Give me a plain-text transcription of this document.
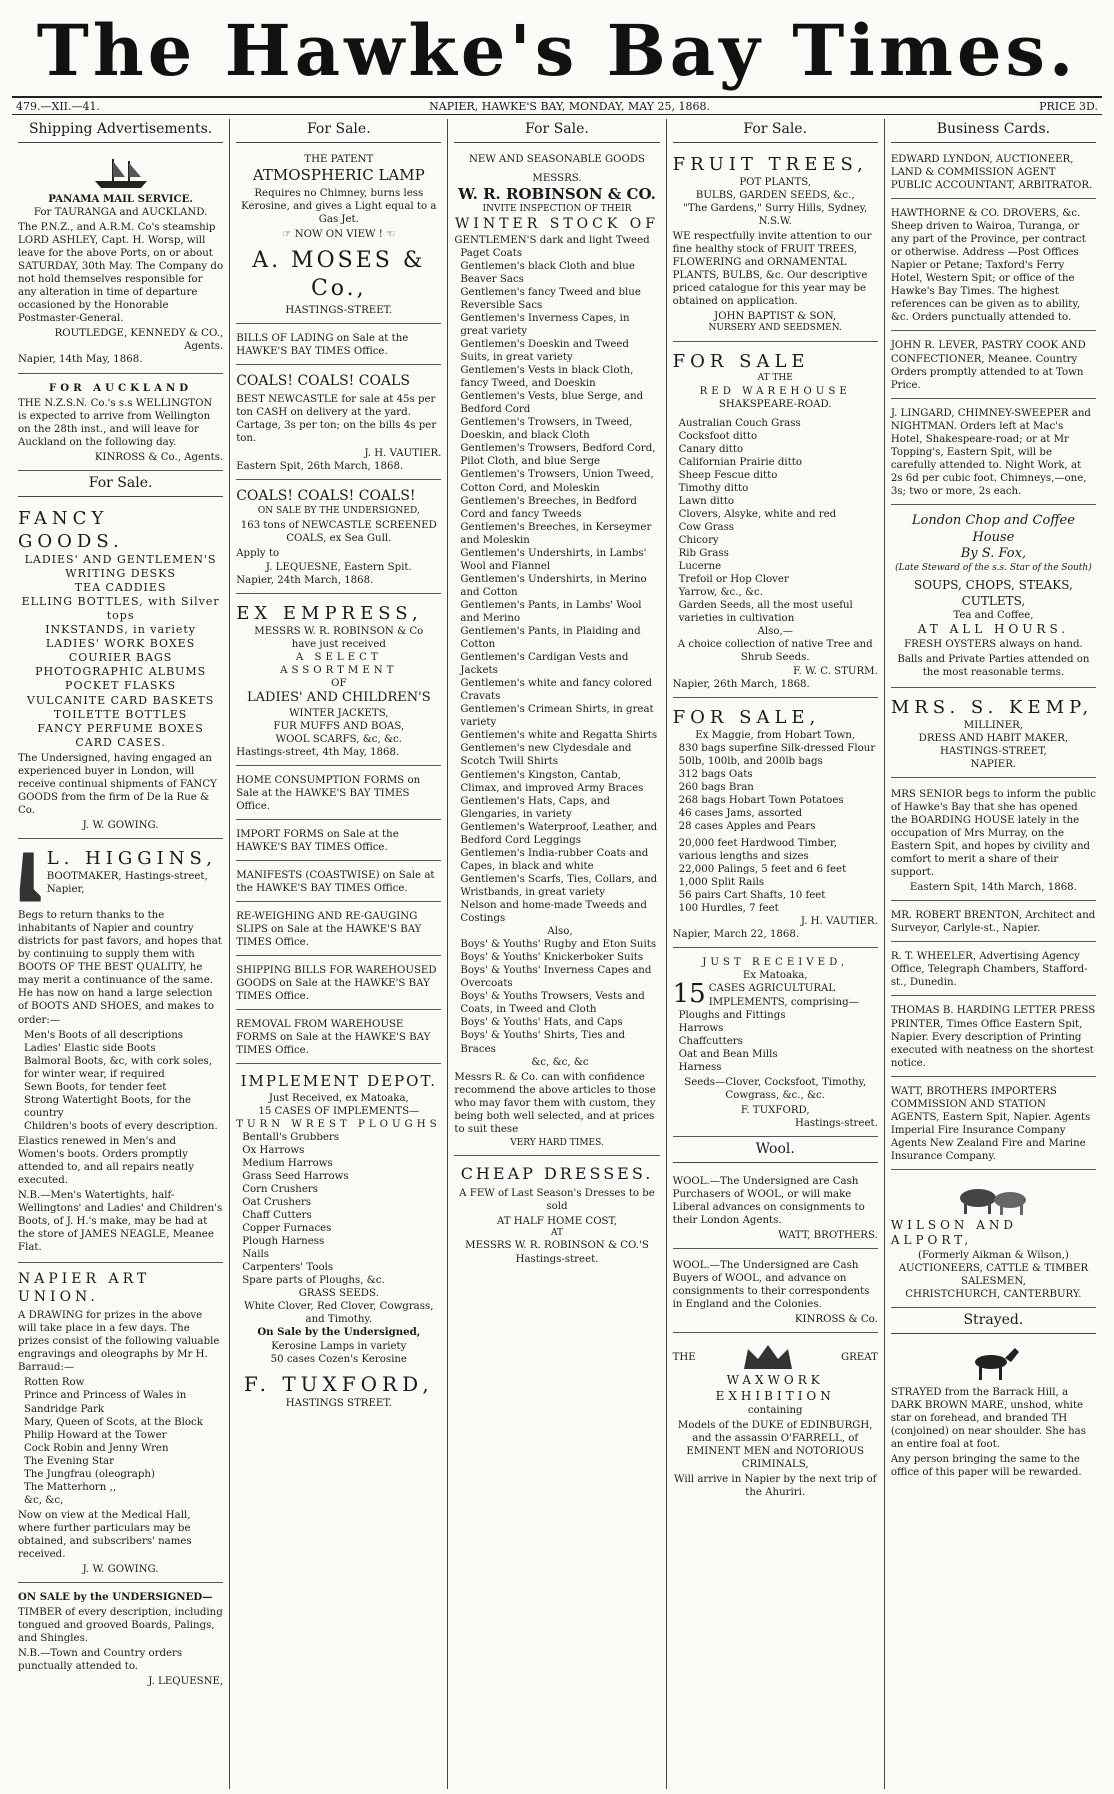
The Hawke's Bay Times.
479.—XII.—41.	NAPIER, HAWKE'S BAY, MONDAY, MAY 25, 1868.	PRICE 3D.
Shipping Advertisements.
PANAMA MAIL SERVICE.
For TAURANGA and AUCKLAND.

The P.N.Z., and A.R.M. Co's steamship LORD ASHLEY, Capt. H. Worsp, will leave for the above Ports, on or about SATURDAY, 30th May. The Company do not hold themselves responsible for any alteration in time of departure occasioned by the Honorable Postmaster-General.

ROUTLEDGE, KENNEDY & CO., Agents.
Napier, 14th May, 1868.
FOR AUCKLAND

THE N.Z.S.N. Co.'s s.s WELLINGTON is expected to arrive from Wellington on the 28th inst., and will leave for Auckland on the following day.

KINROSS & Co., Agents.
For Sale.
FANCY GOODS.
LADIES' AND GENTLEMEN'S
WRITING DESKS
TEA CADDIES
ELLING BOTTLES, with Silver tops
INKSTANDS, in variety
LADIES' WORK BOXES
COURIER BAGS
PHOTOGRAPHIC ALBUMS
POCKET FLASKS
VULCANITE CARD BASKETS
TOILETTE BOTTLES
FANCY PERFUME BOXES
CARD CASES.

The Undersigned, having engaged an experienced buyer in London, will receive continual shipments of FANCY GOODS from the firm of De la Rue & Co.

J. W. GOWING.
L. HIGGINS,
BOOTMAKER, Hastings-street, Napier,

Begs to return thanks to the inhabitants of Napier and country districts for past favors, and hopes that by continuing to supply them with BOOTS OF THE BEST QUALITY, he may merit a continuance of the same. He has now on hand a large selection of BOOTS AND SHOES, and makes to order:—

Men's Boots of all descriptions
Ladies' Elastic side Boots
Balmoral Boots, &c, with cork soles, for winter wear, if required
Sewn Boots, for tender feet
Strong Watertight Boots, for the country
Children's boots of every description.

Elastics renewed in Men's and Women's boots. Orders promptly attended to, and all repairs neatly executed.

N.B.—Men's Watertights, half-Wellingtons' and Ladies' and Children's Boots, of J. H.'s make, may be had at the store of JAMES NEAGLE, Meanee Flat.

NAPIER ART UNION.

A DRAWING for prizes in the above will take place in a few days. The prizes consist of the following valuable engravings and oleographs by Mr H. Barraud:—

Rotten Row
Prince and Princess of Wales in Sandridge Park
Mary, Queen of Scots, at the Block
Philip Howard at the Tower
Cock Robin and Jenny Wren
The Evening Star
The Jungfrau (oleograph)
The Matterhorn ,,
&c, &c,

Now on view at the Medical Hall, where further particulars may be obtained, and subscribers' names received.

J. W. GOWING.
ON SALE by the UNDERSIGNED—

TIMBER of every description, including tongued and grooved Boards, Palings, and Shingles.

N.B.—Town and Country orders punctually attended to.

J. LEQUESNE,
For Sale.
THE PATENT
ATMOSPHERIC LAMP

Requires no Chimney, burns less Kerosine, and gives a Light equal to a Gas Jet.

☞ NOW ON VIEW ! ☜
A. MOSES & Co.,
HASTINGS-STREET.
BILLS OF LADING on Sale at the HAWKE'S BAY TIMES Office.
COALS! COALS! COALS

BEST NEWCASTLE for sale at 45s per ton CASH on delivery at the yard. Cartage, 3s per ton; on the bills 4s per ton.

J. H. VAUTIER.
Eastern Spit, 26th March, 1868.
COALS! COALS! COALS!
ON SALE BY THE UNDERSIGNED,

163 tons of NEWCASTLE SCREENED COALS, ex Sea Gull.

Apply to
J. LEQUESNE, Eastern Spit.
Napier, 24th March, 1868.
EX EMPRESS,
MESSRS W. R. ROBINSON & Co
have just received
A SELECT ASSORTMENT
OF
LADIES' AND CHILDREN'S
WINTER JACKETS,
FUR MUFFS AND BOAS,
WOOL SCARFS, &c, &c.
Hastings-street, 4th May, 1868.
HOME CONSUMPTION FORMS on Sale at the HAWKE'S BAY TIMES Office.
IMPORT FORMS on Sale at the HAWKE'S BAY TIMES Office.
MANIFESTS (COASTWISE) on Sale at the HAWKE'S BAY TIMES Office.
RE-WEIGHING AND RE-GAUGING SLIPS on Sale at the HAWKE'S BAY TIMES Office.
SHIPPING BILLS FOR WAREHOUSED GOODS on Sale at the HAWKE'S BAY TIMES Office.
REMOVAL FROM WAREHOUSE FORMS on Sale at the HAWKE'S BAY TIMES Office.
IMPLEMENT DEPOT.
Just Received, ex Matoaka,
15 CASES OF IMPLEMENTS—
TURN WREST PLOUGHS
Bentall's Grubbers
Ox Harrows
Medium Harrows
Grass Seed Harrows
Corn Crushers
Oat Crushers
Chaff Cutters
Copper Furnaces
Plough Harness
Nails
Carpenters' Tools
Spare parts of Ploughs, &c.
GRASS SEEDS.
White Clover, Red Clover, Cowgrass, and Timothy.
On Sale by the Undersigned,
Kerosine Lamps in variety
50 cases Cozen's Kerosine
F. TUXFORD,
HASTINGS STREET.
For Sale.
NEW AND SEASONABLE GOODS
MESSRS.
W. R. ROBINSON & CO.
INVITE INSPECTION OF THEIR
WINTER STOCK OF
GENTLEMEN'S dark and light Tweed
Paget Coats
Gentlemen's black Cloth and blue Beaver Sacs
Gentlemen's fancy Tweed and blue Reversible Sacs
Gentlemen's Inverness Capes, in great variety
Gentlemen's Doeskin and Tweed Suits, in great variety
Gentlemen's Vests in black Cloth, fancy Tweed, and Doeskin
Gentlemen's Vests, blue Serge, and Bedford Cord
Gentlemen's Trowsers, in Tweed, Doeskin, and black Cloth
Gentlemen's Trowsers, Bedford Cord, Pilot Cloth, and blue Serge
Gentlemen's Trowsers, Union Tweed, Cotton Cord, and Moleskin
Gentlemen's Breeches, in Bedford Cord and fancy Tweeds
Gentlemen's Breeches, in Kerseymer and Moleskin
Gentlemen's Undershirts, in Lambs' Wool and Flannel
Gentlemen's Undershirts, in Merino and Cotton
Gentlemen's Pants, in Lambs' Wool and Merino
Gentlemen's Pants, in Plaiding and Cotton
Gentlemen's Cardigan Vests and Jackets
Gentlemen's white and fancy colored Cravats
Gentlemen's Crimean Shirts, in great variety
Gentlemen's white and Regatta Shirts
Gentlemen's new Clydesdale and Scotch Twill Shirts
Gentlemen's Kingston, Cantab, Climax, and improved Army Braces
Gentlemen's Hats, Caps, and Glengaries, in variety
Gentlemen's Waterproof, Leather, and Bedford Cord Leggings
Gentlemen's India-rubber Coats and Capes, in black and white
Gentlemen's Scarfs, Ties, Collars, and Wristbands, in great variety
Nelson and home-made Tweeds and Costings
Also,
Boys' & Youths' Rugby and Eton Suits
Boys' & Youths' Knickerboker Suits
Boys' & Youths' Inverness Capes and Overcoats
Boys' & Youths Trowsers, Vests and Coats, in Tweed and Cloth
Boys' & Youths' Hats, and Caps
Boys' & Youths' Shirts, Ties and Braces
&c, &c, &c

Messrs R. & Co. can with confidence recommend the above articles to those who may favor them with custom, they being both well selected, and at prices to suit these

VERY HARD TIMES.
CHEAP DRESSES.

A FEW of Last Season's Dresses to be sold

AT HALF HOME COST,
AT
MESSRS W. R. ROBINSON & CO.'S
Hastings-street.
For Sale.
FRUIT TREES,
POT PLANTS,
BULBS, GARDEN SEEDS, &c.,
"The Gardens," Surry Hills, Sydney, N.S.W.

WE respectfully invite attention to our fine healthy stock of FRUIT TREES, FLOWERING and ORNAMENTAL PLANTS, BULBS, &c. Our descriptive priced catalogue for this year may be obtained on application.

JOHN BAPTIST & SON,
NURSERY AND SEEDSMEN.
FOR SALE
AT THE
RED WAREHOUSE
SHAKSPEARE-ROAD.
Australian Couch Grass
Cocksfoot ditto
Canary ditto
Californian Prairie ditto
Sheep Fescue ditto
Timothy ditto
Lawn ditto
Clovers, Alsyke, white and red
Cow Grass
Chicory
Rib Grass
Lucerne
Trefoil or Hop Clover
Yarrow, &c., &c.
Garden Seeds, all the most useful varieties in cultivation
Also,—
A choice collection of native Tree and Shrub Seeds.
F. W. C. STURM.
Napier, 26th March, 1868.
FOR SALE,
Ex Maggie, from Hobart Town,
830 bags superfine Silk-dressed Flour 50lb, 100lb, and 200lb bags
312 bags Oats
260 bags Bran
268 bags Hobart Town Potatoes
46 cases Jams, assorted
28 cases Apples and Pears
20,000 feet Hardwood Timber, various lengths and sizes
22,000 Palings, 5 feet and 6 feet
1,000 Split Rails
56 pairs Cart Shafts, 10 feet
100 Hurdles, 7 feet
J. H. VAUTIER.
Napier, March 22, 1868.
JUST RECEIVED,
Ex Matoaka,
15 CASES AGRICULTURAL IMPLEMENTS, comprising—
Ploughs and Fittings
Harrows
Chaffcutters
Oat and Bean Mills
Harness

Seeds—Clover, Cocksfoot, Timothy, Cowgrass, &c., &c.

F. TUXFORD,
Hastings-street.
Wool.

WOOL.—The Undersigned are Cash Purchasers of WOOL, or will make Liberal advances on consignments to their London Agents.

WATT, BROTHERS.

WOOL.—The Undersigned are Cash Buyers of WOOL, and advance on consignments to their correspondents in England and the Colonies.

KINROSS & Co.
THE	GREAT
WAXWORK EXHIBITION
containing

Models of the DUKE of EDINBURGH, and the assassin O'FARRELL, of EMINENT MEN and NOTORIOUS CRIMINALS,

Will arrive in Napier by the next trip of the Ahuriri.

Business Cards.
EDWARD LYNDON, AUCTIONEER, LAND & COMMISSION AGENT PUBLIC ACCOUNTANT, ARBITRATOR.
HAWTHORNE & CO. DROVERS, &c. Sheep driven to Wairoa, Turanga, or any part of the Province, per contract or otherwise. Address —Post Offices Napier or Petane; Taxford's Ferry Hotel, Western Spit; or office of the Hawke's Bay Times. The highest references can be given as to ability, &c. Orders punctually attended to.
JOHN R. LEVER, PASTRY COOK AND CONFECTIONER, Meanee. Country Orders promptly attended to at Town Price.
J. LINGARD, CHIMNEY-SWEEPER and NIGHTMAN. Orders left at Mac's Hotel, Shakespeare-road; or at Mr Topping's, Eastern Spit, will be carefully attended to. Night Work, at 2s 6d per cubic foot. Chimneys,—one, 3s; two or more, 2s each.
London Chop and Coffee House
By S. Fox,
(Late Steward of the s.s. Star of the South)
SOUPS, CHOPS, STEAKS, CUTLETS,
Tea and Coffee,
AT ALL HOURS.
FRESH OYSTERS always on hand.

Balls and Private Parties attended on the most reasonable terms.

MRS. S. KEMP,
MILLINER,
DRESS AND HABIT MAKER,
HASTINGS-STREET,
NAPIER.

MRS SENIOR begs to inform the public of Hawke's Bay that she has opened the BOARDING HOUSE lately in the occupation of Mrs Murray, on the Eastern Spit, and hopes by civility and comfort to merit a share of their support.

Eastern Spit, 14th March, 1868.
MR. ROBERT BRENTON, Architect and Surveyor, Carlyle-st., Napier.
R. T. WHEELER, Advertising Agency Office, Telegraph Chambers, Stafford-st., Dunedin.
THOMAS B. HARDING LETTER PRESS PRINTER, Times Office Eastern Spit, Napier. Every description of Printing executed with neatness on the shortest notice.
WATT, BROTHERS IMPORTERS COMMISSION AND STATION AGENTS, Eastern Spit, Napier. Agents Imperial Fire Insurance Company Agents New Zealand Fire and Marine Insurance Company.
WILSON AND ALPORT,
(Formerly Aikman & Wilson,)
AUCTIONEERS, CATTLE & TIMBER
SALESMEN,
CHRISTCHURCH, CANTERBURY.
Strayed.

STRAYED from the Barrack Hill, a DARK BROWN MARE, unshod, white star on forehead, and branded TH (conjoined) on near shoulder. She has an entire foal at foot.

Any person bringing the same to the office of this paper will be rewarded.
